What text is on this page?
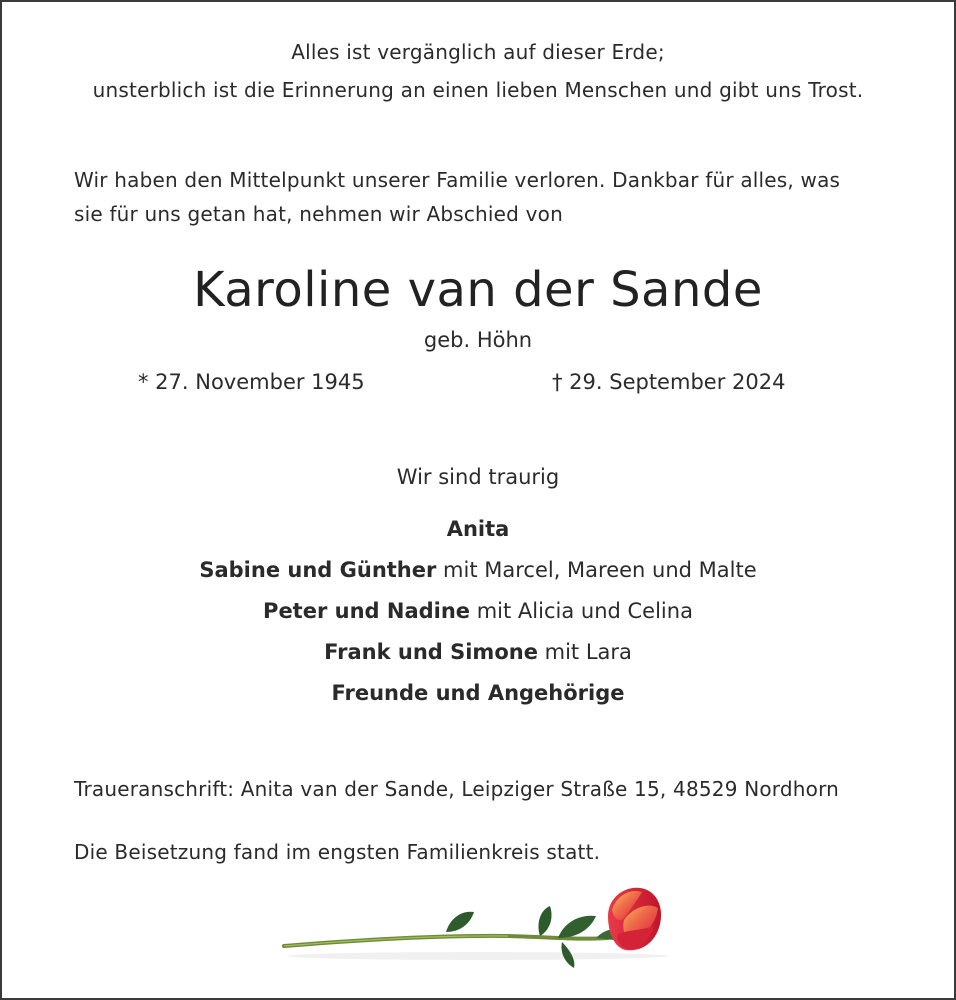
Alles ist vergänglich auf dieser Erde;
unsterblich ist die Erinnerung an einen lieben Menschen und gibt uns Trost.
Wir haben den Mittelpunkt unserer Familie verloren. Dankbar für alles, was
sie für uns getan hat, nehmen wir Abschied von
Karoline van der Sande
geb. Höhn
* 27. November 1945	† 29. September 2024
Wir sind traurig
Anita
Sabine und Günther mit Marcel, Mareen und Malte
Peter und Nadine mit Alicia und Celina
Frank und Simone mit Lara
Freunde und Angehörige
Traueranschrift: Anita van der Sande, Leipziger Straße 15, 48529 Nordhorn
Die Beisetzung fand im engsten Familienkreis statt.
